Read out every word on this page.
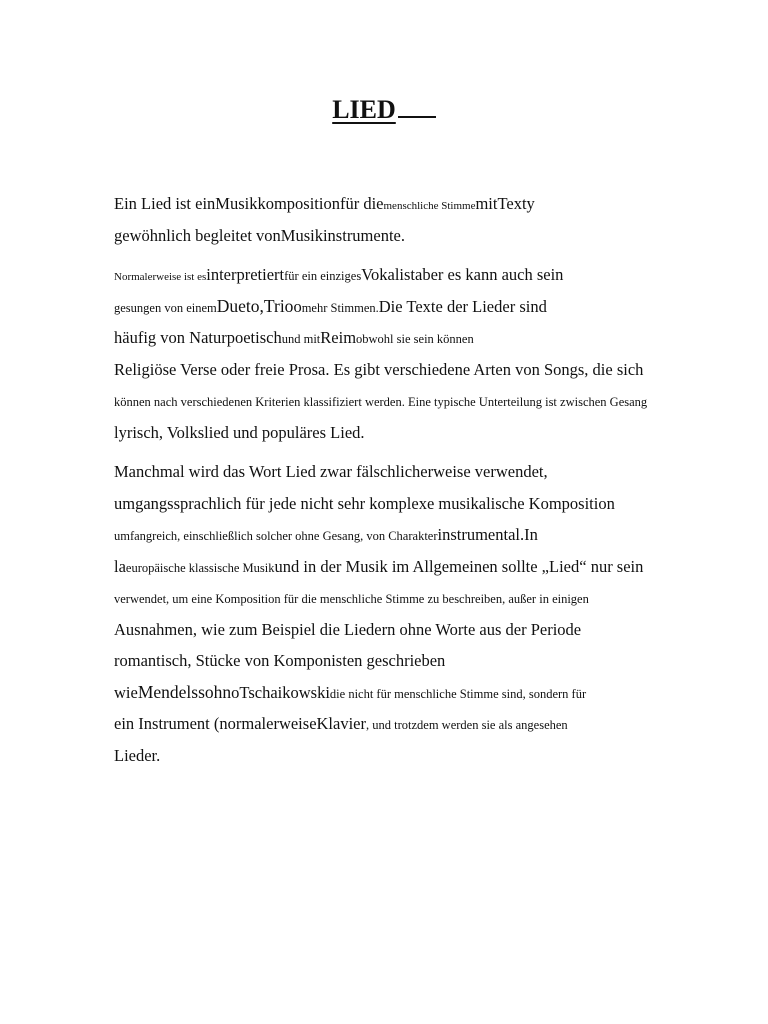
LIED
Ein Lied ist einMusikkompositionfür diemenschliche StimmemitTexty
gewöhnlich begleitet vonMusikinstrumente.
Normalerweise ist esinterpretiertfür ein einzigesVokalistaber es kann auch sein
gesungen von einemDueto,Trioomehr Stimmen.Die Texte der Lieder sind
häufig von Naturpoetischund mitReimobwohl sie sein können
Religiöse Verse oder freie Prosa. Es gibt verschiedene Arten von Songs, die sich
können nach verschiedenen Kriterien klassifiziert werden. Eine typische Unterteilung ist zwischen Gesang
lyrisch, Volkslied und populäres Lied.
Manchmal wird das Wort Lied zwar fälschlicherweise verwendet,
umgangssprachlich für jede nicht sehr komplexe musikalische Komposition
umfangreich, einschließlich solcher ohne Gesang, von Charakterinstrumental.In
laeuropäische klassische Musikund in der Musik im Allgemeinen sollte „Lied“ nur sein
verwendet, um eine Komposition für die menschliche Stimme zu beschreiben, außer in einigen
Ausnahmen, wie zum Beispiel die Liedern ohne Worte aus der Periode
romantisch, Stücke von Komponisten geschrieben
wieMendelssohnoTschaikowskidie nicht für menschliche Stimme sind, sondern für
ein Instrument (normalerweiseKlavier, und trotzdem werden sie als angesehen
Lieder.
